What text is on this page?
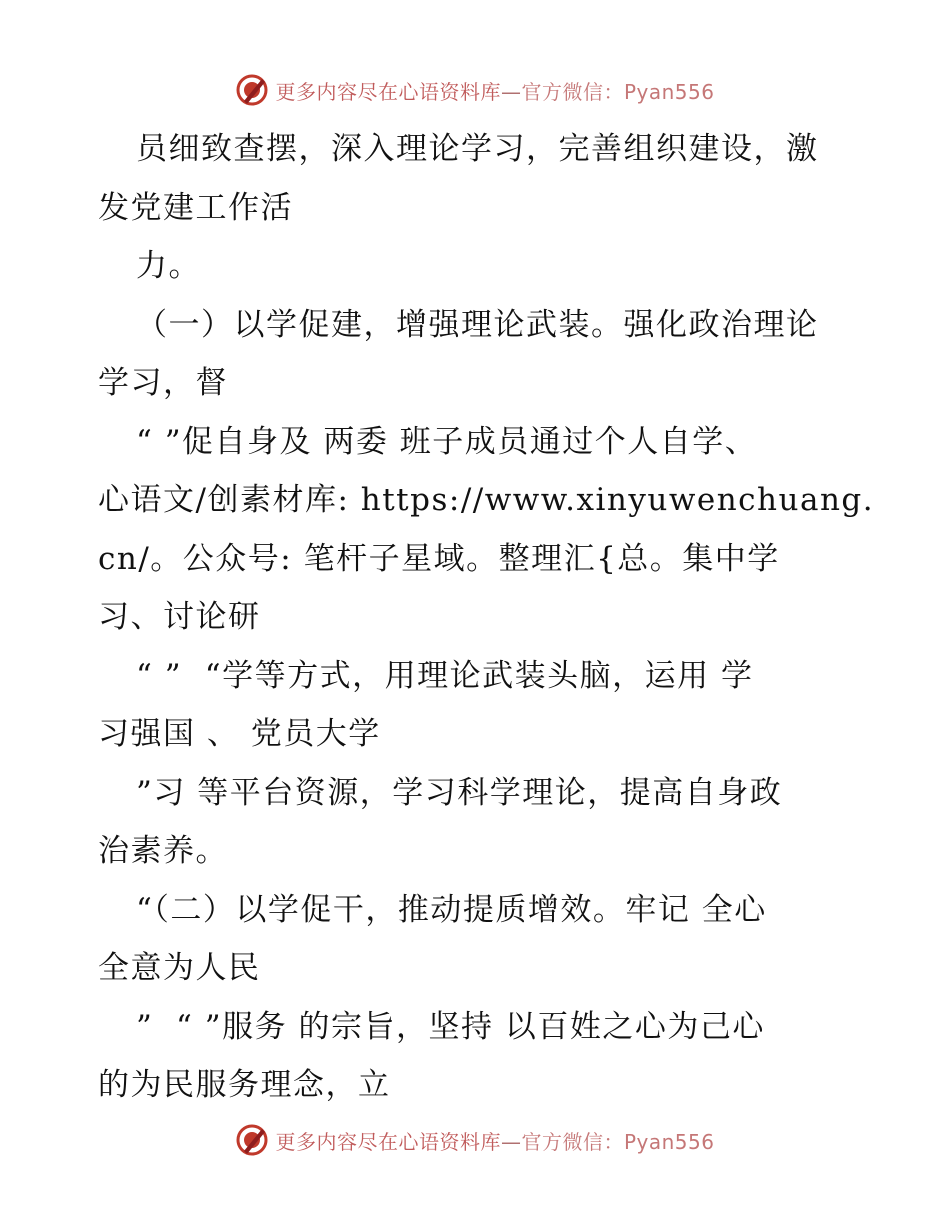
更多内容尽在心语资料库—官方微信：Pyan556
员细致查摆，深入理论学习，完善组织建设，激
发党建工作活
力。
（一）以学促建，增强理论武装。强化政治理论
学习，督
“ ”促自身及 两委 班子成员通过个人自学、
心语文/创素材库: https://www.xinyuwenchuang.
cn/。公众号: 笔杆子星域。整理汇{总。集中学
习、讨论研
“ ”  “学等方式，用理论武装头脑，运用 学
习强国 、 党员大学
”习 等平台资源，学习科学理论，提高自身政
治素养。
“（二）以学促干，推动提质增效。牢记 全心
全意为人民
”  “ ”服务 的宗旨，坚持 以百姓之心为己心
的为民服务理念，立
更多内容尽在心语资料库—官方微信：Pyan556
